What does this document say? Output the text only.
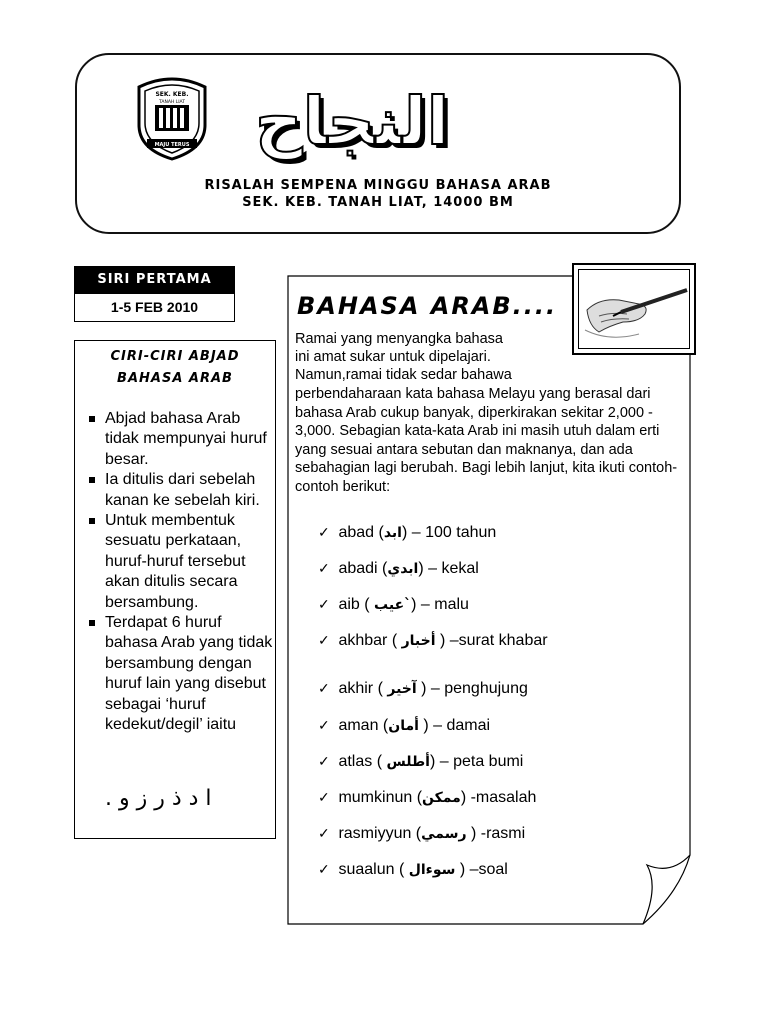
SEK. KEB.
TANAH LIAT
MAJU TERUS النجاح
RISALAH SEMPENA MINGGU BAHASA ARAB
SEK. KEB. TANAH LIAT, 14000 BM
SIRI PERTAMA
1-5 FEB 2010
CIRI-CIRI ABJAD
BAHASA ARAB
Abjad bahasa Arab tidak mempunyai huruf besar.
Ia ditulis dari sebelah kanan ke sebelah kiri.
Untuk membentuk sesuatu perkataan, huruf-huruf tersebut akan ditulis secara bersambung.
Terdapat 6 huruf bahasa Arab yang tidak bersambung dengan huruf lain yang disebut sebagai ‘huruf kedekut/degil’ iaitu
ا د ذ ر ز و .
BAHASA ARAB....
Ramai yang menyangka bahasa
ini amat sukar untuk dipelajari.
Namun,ramai tidak sedar bahawa
perbendaharaan kata bahasa Melayu yang berasal dari bahasa Arab cukup banyak, diperkirakan sekitar 2,000 - 3,000. Sebagian kata-kata Arab ini masih utuh dalam erti yang sesuai antara sebutan dan maknanya, dan ada sebahagian lagi berubah. Bagi lebih lanjut, kita ikuti contoh-contoh berikut:
✓ abad (ابد) – 100 tahun
✓ abadi (ابدي) – kekal
✓ aib ( عيب`) – malu
✓ akhbar ( أخبار ) –surat khabar
✓ akhir ( آخير ) – penghujung
✓ aman (أمان ) – damai
✓ atlas ( أطلس) – peta bumi
✓ mumkinun (ممكن) -masalah
✓ rasmiyyun (رسمي ) -rasmi
✓ suaalun ( سوءال ) –soal
